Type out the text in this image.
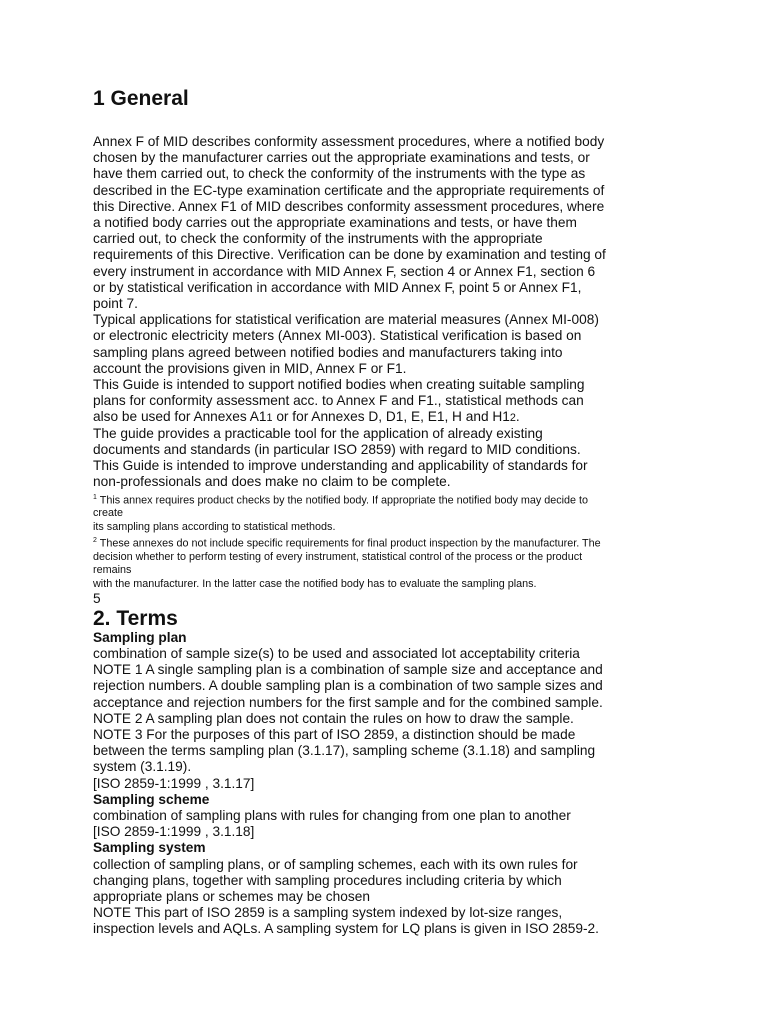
1 General

Annex F of MID describes conformity assessment procedures, where a notified body
chosen by the manufacturer carries out the appropriate examinations and tests, or
have them carried out, to check the conformity of the instruments with the type as
described in the EC-type examination certificate and the appropriate requirements of
this Directive. Annex F1 of MID describes conformity assessment procedures, where
a notified body carries out the appropriate examinations and tests, or have them
carried out, to check the conformity of the instruments with the appropriate
requirements of this Directive. Verification can be done by examination and testing of
every instrument in accordance with MID Annex F, section 4 or Annex F1, section 6
or by statistical verification in accordance with MID Annex F, point 5 or Annex F1,
point 7.

Typical applications for statistical verification are material measures (Annex MI-008)
or electronic electricity meters (Annex MI-003). Statistical verification is based on
sampling plans agreed between notified bodies and manufacturers taking into
account the provisions given in MID, Annex F or F1.

This Guide is intended to support notified bodies when creating suitable sampling
plans for conformity assessment acc. to Annex F and F1., statistical methods can
also be used for Annexes A11 or for Annexes D, D1, E, E1, H and H12.

The guide provides a practicable tool for the application of already existing
documents and standards (in particular ISO 2859) with regard to MID conditions.
This Guide is intended to improve understanding and applicability of standards for
non-professionals and does make no claim to be complete.

$^1$ This annex requires product checks by the notified body. If appropriate the notified body may decide to
create
its sampling plans according to statistical methods.

$^2$ These annexes do not include specific requirements for final product inspection by the manufacturer. The
decision whether to perform testing of every instrument, statistical control of the process or the product
remains
with the manufacturer. In the latter case the notified body has to evaluate the sampling plans.

5

2. Terms

Sampling plan

combination of sample size(s) to be used and associated lot acceptability criteria
NOTE 1 A single sampling plan is a combination of sample size and acceptance and
rejection numbers. A double sampling plan is a combination of two sample sizes and
acceptance and rejection numbers for the first sample and for the combined sample.
NOTE 2 A sampling plan does not contain the rules on how to draw the sample.
NOTE 3 For the purposes of this part of ISO 2859, a distinction should be made
between the terms sampling plan (3.1.17), sampling scheme (3.1.18) and sampling
system (3.1.19).
[ISO 2859-1:1999 , 3.1.17]

Sampling scheme

combination of sampling plans with rules for changing from one plan to another
[ISO 2859-1:1999 , 3.1.18]

Sampling system

collection of sampling plans, or of sampling schemes, each with its own rules for
changing plans, together with sampling procedures including criteria by which
appropriate plans or schemes may be chosen
NOTE This part of ISO 2859 is a sampling system indexed by lot-size ranges,
inspection levels and AQLs. A sampling system for LQ plans is given in ISO 2859-2.
